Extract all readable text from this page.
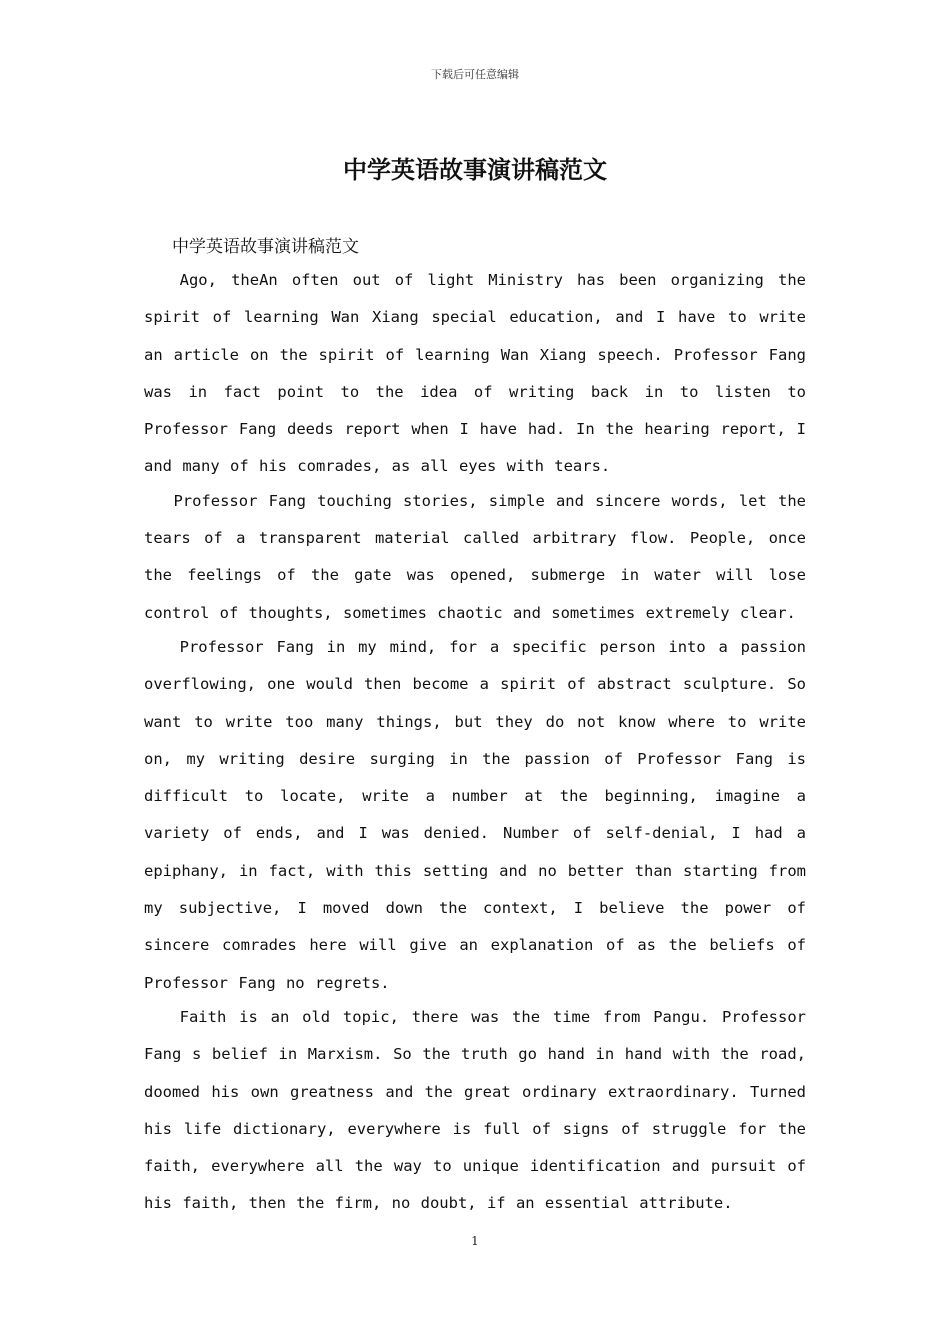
下载后可任意编辑
中学英语故事演讲稿范文
中学英语故事演讲稿范文

Ago, theAn often out of light Ministry has been organizing the spirit of learning Wan Xiang special education, and I have to write an article on the spirit of learning Wan Xiang speech. Professor Fang was in fact point to the idea of writing back in to listen to Professor Fang deeds report when I have had. In the hearing report, I and many of his comrades, as all eyes with tears.

Professor Fang touching stories, simple and sincere words, let the tears of a transparent material called arbitrary flow. People, once the feelings of the gate was opened, submerge in water will lose control of thoughts, sometimes chaotic and sometimes extremely clear.

Professor Fang in my mind, for a specific person into a passion overflowing, one would then become a spirit of abstract sculpture. So want to write too many things, but they do not know where to write on, my writing desire surging in the passion of Professor Fang is difficult to locate, write a number at the beginning, imagine a variety of ends, and I was denied. Number of self-denial, I had a epiphany, in fact, with this setting and no better than starting from my subjective, I moved down the context, I believe the power of sincere comrades here will give an explanation of as the beliefs of Professor Fang no regrets.

Faith is an old topic, there was the time from Pangu. Professor Fang s belief in Marxism. So the truth go hand in hand with the road, doomed his own greatness and the great ordinary extraordinary. Turned his life dictionary, everywhere is full of signs of struggle for the faith, everywhere all the way to unique identification and pursuit of his faith, then the firm, no doubt, if an essential attribute.

1
